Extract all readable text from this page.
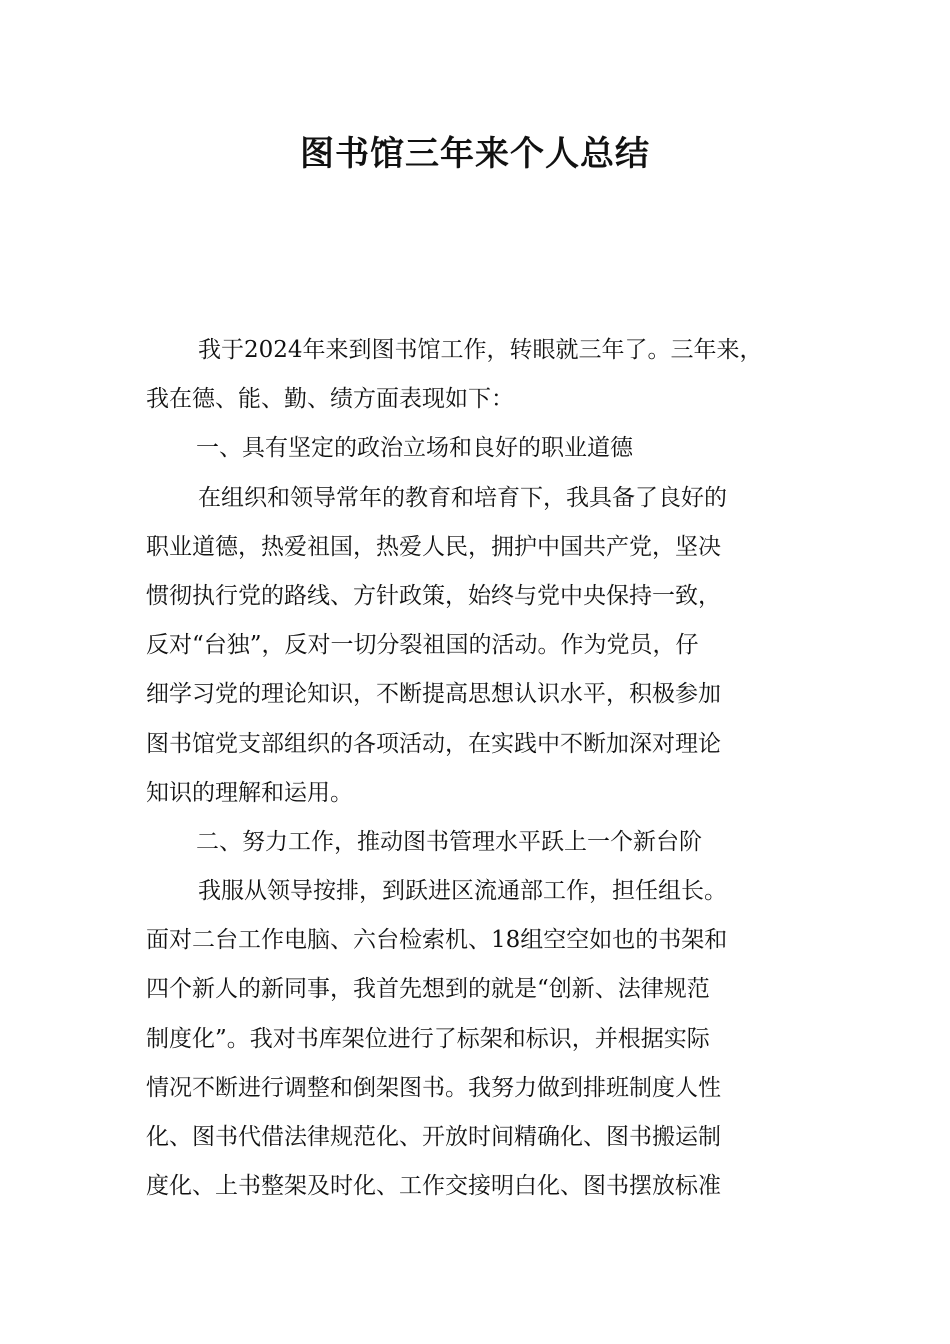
图书馆三年来个人总结
我于2024年来到图书馆工作，转眼就三年了。三年来，
我在德、能、勤、绩方面表现如下：
一、具有坚定的政治立场和良好的职业道德
在组织和领导常年的教育和培育下，我具备了良好的
职业道德，热爱祖国，热爱人民，拥护中国共产党，坚决
惯彻执行党的路线、方针政策，始终与党中央保持一致，
反对“台独”，反对一切分裂祖国的活动。作为党员，仔
细学习党的理论知识，不断提高思想认识水平，积极参加
图书馆党支部组织的各项活动，在实践中不断加深对理论
知识的理解和运用。
二、努力工作，推动图书管理水平跃上一个新台阶
我服从领导按排，到跃进区流通部工作，担任组长。
面对二台工作电脑、六台检索机、18组空空如也的书架和
四个新人的新同事，我首先想到的就是“创新、法律规范
制度化”。我对书库架位进行了标架和标识，并根据实际
情况不断进行调整和倒架图书。我努力做到排班制度人性
化、图书代借法律规范化、开放时间精确化、图书搬运制
度化、上书整架及时化、工作交接明白化、图书摆放标准
